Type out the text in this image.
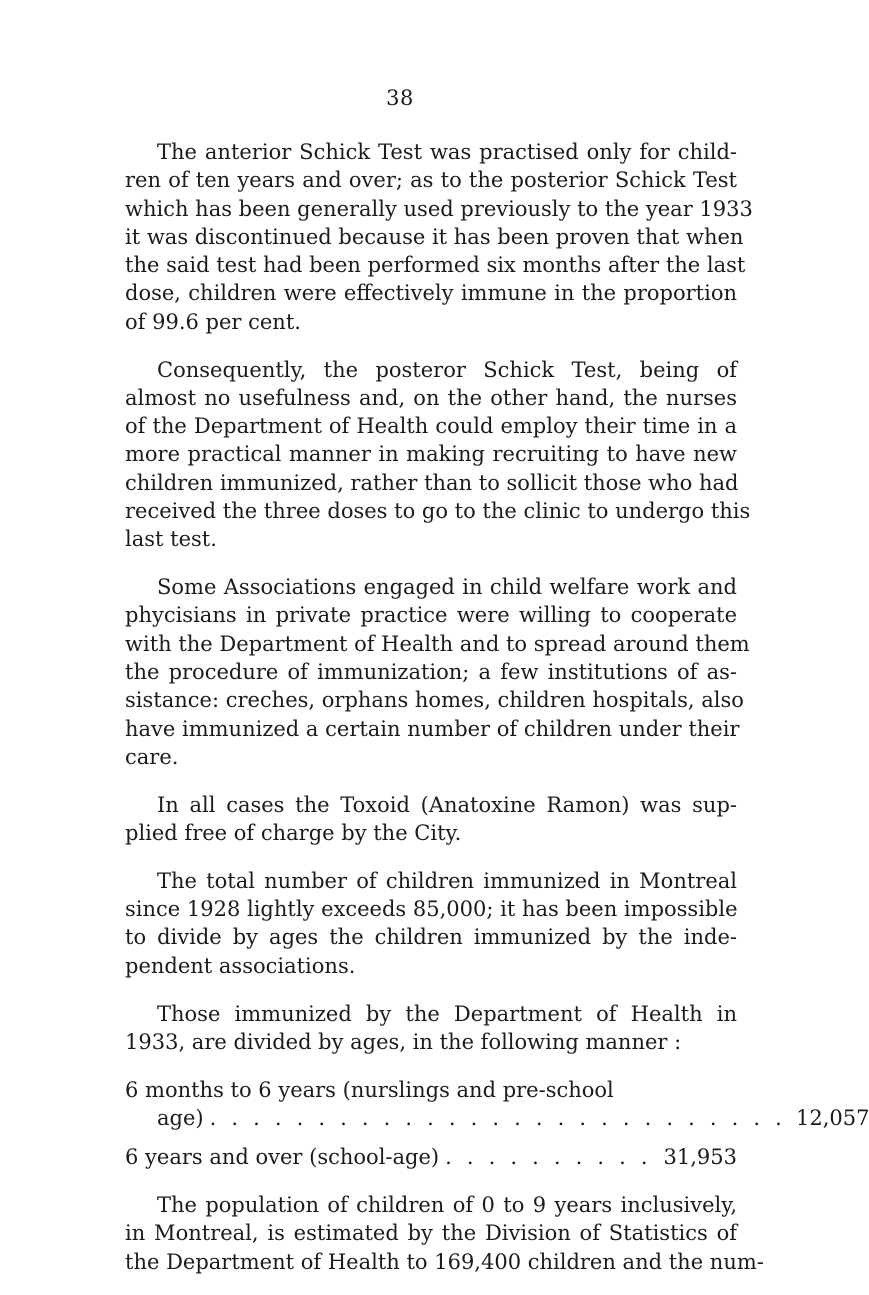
38
The anterior Schick Test was practised only for child-
ren of ten years and over; as to the posterior Schick Test
which has been generally used previously to the year 1933
it was discontinued because it has been proven that when
the said test had been performed six months after the last
dose, children were effectively immune in the proportion
of 99.6 per cent.
Consequently, the posteror Schick Test, being of
almost no usefulness and, on the other hand, the nurses
of the Department of Health could employ their time in a
more practical manner in making recruiting to have new
children immunized, rather than to sollicit those who had
received the three doses to go to the clinic to undergo this
last test.
Some Associations engaged in child welfare work and
phycisians in private practice were willing to cooperate
with the Department of Health and to spread around them
the procedure of immunization; a few institutions of as-
sistance: creches, orphans homes, children hospitals, also
have immunized a certain number of children under their
care.
In all cases the Toxoid (Anatoxine Ramon) was sup-
plied free of charge by the City.
The total number of children immunized in Montreal
since 1928 lightly exceeds 85,000; it has been impossible
to divide by ages the children immunized by the inde-
pendent associations.
Those immunized by the Department of Health in
1933, are divided by ages, in the following manner :
6 months to 6 years (nurslings and pre-school
age) . . . . . . . . . . . . . . . . . . . . . . . . . . . 12,057
6 years and over (school-age) . . . . . . . . . . 31,953
The population of children of 0 to 9 years inclusively,
in Montreal, is estimated by the Division of Statistics of
the Department of Health to 169,400 children and the num-
